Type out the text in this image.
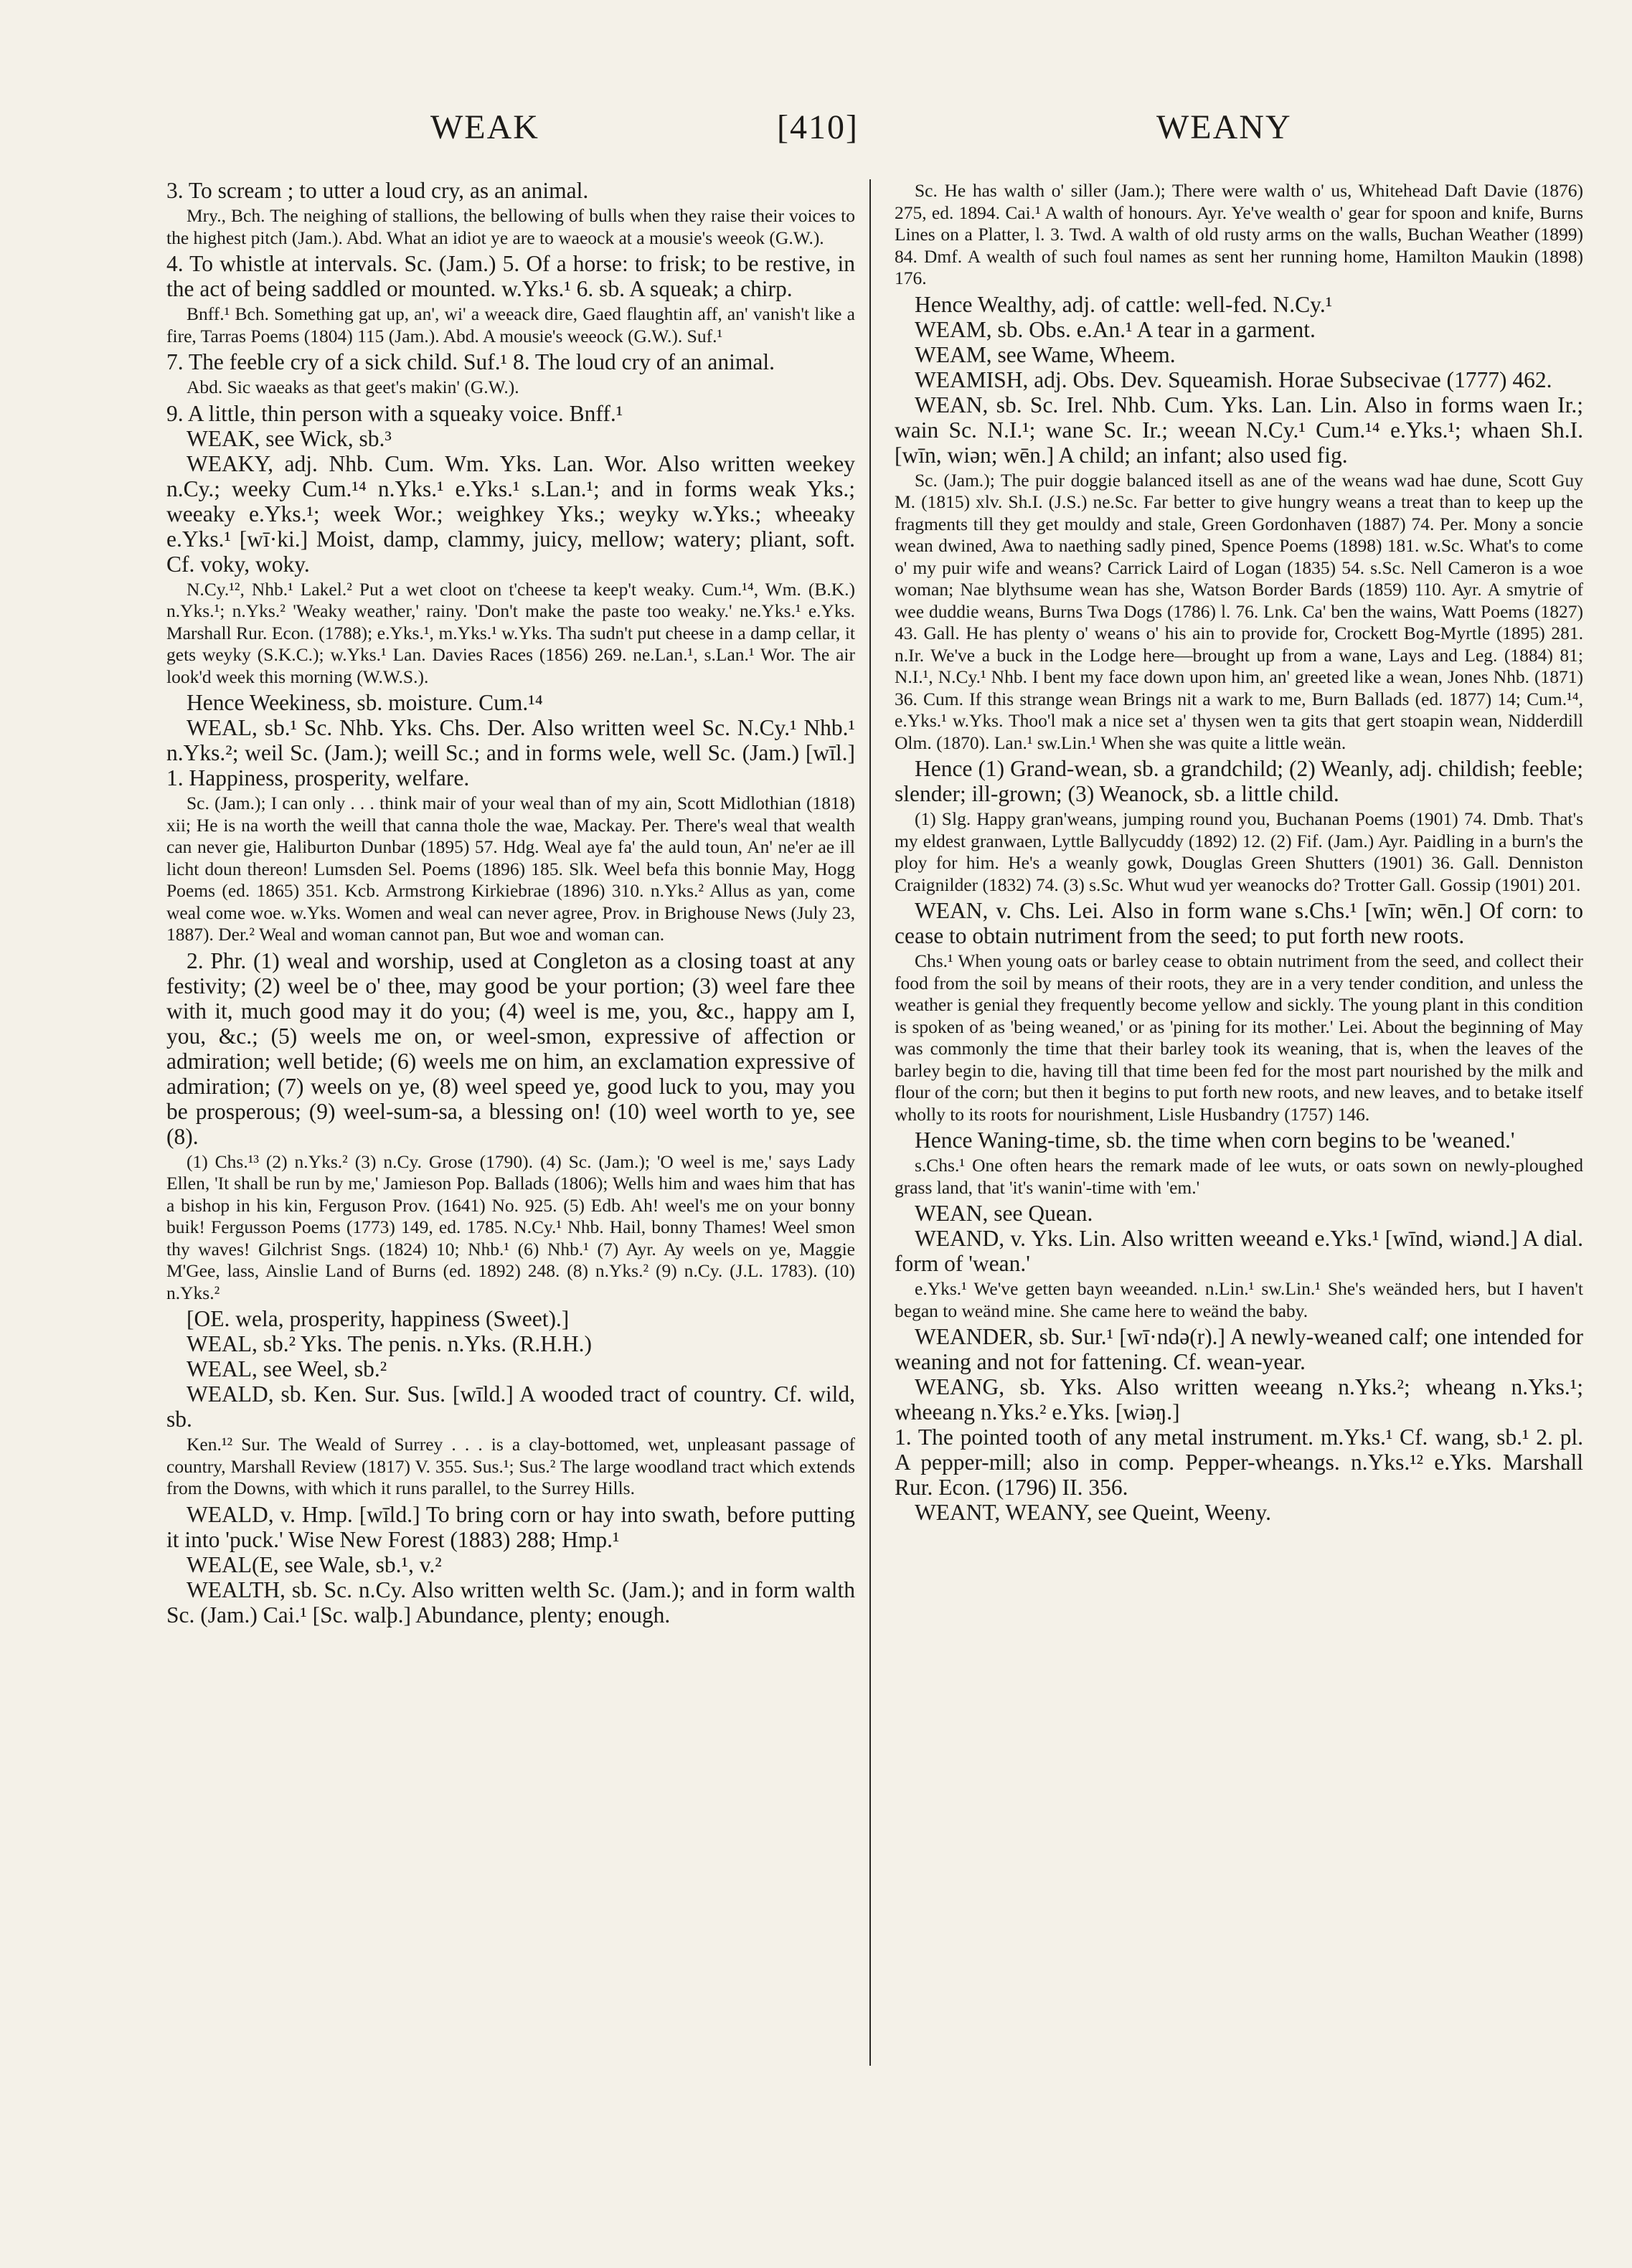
WEAK	[410]	WEANY

3. To scream ; to utter a loud cry, as an animal.

Mry., Bch. The neighing of stallions, the bellowing of bulls when they raise their voices to the highest pitch (Jam.). Abd. What an idiot ye are to waeock at a mousie's weeok (G.W.).

4. To whistle at intervals. Sc. (Jam.) 5. Of a horse: to frisk; to be restive, in the act of being saddled or mounted. w.Yks.¹ 6. sb. A squeak; a chirp.

Bnff.¹ Bch. Something gat up, an', wi' a weeack dire, Gaed flaughtin aff, an' vanish't like a fire, Tarras Poems (1804) 115 (Jam.). Abd. A mousie's weeock (G.W.). Suf.¹

7. The feeble cry of a sick child. Suf.¹ 8. The loud cry of an animal.

Abd. Sic waeaks as that geet's makin' (G.W.).

9. A little, thin person with a squeaky voice. Bnff.¹

WEAK, see Wick, sb.³

WEAKY, adj. Nhb. Cum. Wm. Yks. Lan. Wor. Also written weekey n.Cy.; weeky Cum.¹⁴ n.Yks.¹ e.Yks.¹ s.Lan.¹; and in forms weak Yks.; weeaky e.Yks.¹; week Wor.; weighkey Yks.; weyky w.Yks.; wheeaky e.Yks.¹ [wī·ki.] Moist, damp, clammy, juicy, mellow; watery; pliant, soft. Cf. voky, woky.

N.Cy.¹², Nhb.¹ Lakel.² Put a wet cloot on t'cheese ta keep't weaky. Cum.¹⁴, Wm. (B.K.) n.Yks.¹; n.Yks.² 'Weaky weather,' rainy. 'Don't make the paste too weaky.' ne.Yks.¹ e.Yks. Marshall Rur. Econ. (1788); e.Yks.¹, m.Yks.¹ w.Yks. Tha sudn't put cheese in a damp cellar, it gets weyky (S.K.C.); w.Yks.¹ Lan. Davies Races (1856) 269. ne.Lan.¹, s.Lan.¹ Wor. The air look'd week this morning (W.W.S.).

Hence Weekiness, sb. moisture. Cum.¹⁴

WEAL, sb.¹ Sc. Nhb. Yks. Chs. Der. Also written weel Sc. N.Cy.¹ Nhb.¹ n.Yks.²; weil Sc. (Jam.); weill Sc.; and in forms wele, well Sc. (Jam.) [wīl.] 1. Happiness, prosperity, welfare.

Sc. (Jam.); I can only . . . think mair of your weal than of my ain, Scott Midlothian (1818) xii; He is na worth the weill that canna thole the wae, Mackay. Per. There's weal that wealth can never gie, Haliburton Dunbar (1895) 57. Hdg. Weal aye fa' the auld toun, An' ne'er ae ill licht doun thereon! Lumsden Sel. Poems (1896) 185. Slk. Weel befa this bonnie May, Hogg Poems (ed. 1865) 351. Kcb. Armstrong Kirkiebrae (1896) 310. n.Yks.² Allus as yan, come weal come woe. w.Yks. Women and weal can never agree, Prov. in Brighouse News (July 23, 1887). Der.² Weal and woman cannot pan, But woe and woman can.

2. Phr. (1) weal and worship, used at Congleton as a closing toast at any festivity; (2) weel be o' thee, may good be your portion; (3) weel fare thee with it, much good may it do you; (4) weel is me, you, &c., happy am I, you, &c.; (5) weels me on, or weel-smon, expressive of affection or admiration; well betide; (6) weels me on him, an exclamation expressive of admiration; (7) weels on ye, (8) weel speed ye, good luck to you, may you be prosperous; (9) weel-sum-sa, a blessing on! (10) weel worth to ye, see (8).

(1) Chs.¹³ (2) n.Yks.² (3) n.Cy. Grose (1790). (4) Sc. (Jam.); 'O weel is me,' says Lady Ellen, 'It shall be run by me,' Jamieson Pop. Ballads (1806); Wells him and waes him that has a bishop in his kin, Ferguson Prov. (1641) No. 925. (5) Edb. Ah! weel's me on your bonny buik! Fergusson Poems (1773) 149, ed. 1785. N.Cy.¹ Nhb. Hail, bonny Thames! Weel smon thy waves! Gilchrist Sngs. (1824) 10; Nhb.¹ (6) Nhb.¹ (7) Ayr. Ay weels on ye, Maggie M'Gee, lass, Ainslie Land of Burns (ed. 1892) 248. (8) n.Yks.² (9) n.Cy. (J.L. 1783). (10) n.Yks.²

[OE. wela, prosperity, happiness (Sweet).]

WEAL, sb.² Yks. The penis. n.Yks. (R.H.H.)

WEAL, see Weel, sb.²

WEALD, sb. Ken. Sur. Sus. [wīld.] A wooded tract of country. Cf. wild, sb.

Ken.¹² Sur. The Weald of Surrey . . . is a clay-bottomed, wet, unpleasant passage of country, Marshall Review (1817) V. 355. Sus.¹; Sus.² The large woodland tract which extends from the Downs, with which it runs parallel, to the Surrey Hills.

WEALD, v. Hmp. [wīld.] To bring corn or hay into swath, before putting it into 'puck.' Wise New Forest (1883) 288; Hmp.¹

WEAL(E, see Wale, sb.¹, v.²

WEALTH, sb. Sc. n.Cy. Also written welth Sc. (Jam.); and in form walth Sc. (Jam.) Cai.¹ [Sc. walþ.] Abundance, plenty; enough.

Sc. He has walth o' siller (Jam.); There were walth o' us, Whitehead Daft Davie (1876) 275, ed. 1894. Cai.¹ A walth of honours. Ayr. Ye've wealth o' gear for spoon and knife, Burns Lines on a Platter, l. 3. Twd. A walth of old rusty arms on the walls, Buchan Weather (1899) 84. Dmf. A wealth of such foul names as sent her running home, Hamilton Maukin (1898) 176.

Hence Wealthy, adj. of cattle: well-fed. N.Cy.¹

WEAM, sb. Obs. e.An.¹ A tear in a garment.

WEAM, see Wame, Wheem.

WEAMISH, adj. Obs. Dev. Squeamish. Horae Subsecivae (1777) 462.

WEAN, sb. Sc. Irel. Nhb. Cum. Yks. Lan. Lin. Also in forms waen Ir.; wain Sc. N.I.¹; wane Sc. Ir.; weean N.Cy.¹ Cum.¹⁴ e.Yks.¹; whaen Sh.I. [wīn, wiən; wēn.] A child; an infant; also used fig.

Sc. (Jam.); The puir doggie balanced itsell as ane of the weans wad hae dune, Scott Guy M. (1815) xlv. Sh.I. (J.S.) ne.Sc. Far better to give hungry weans a treat than to keep up the fragments till they get mouldy and stale, Green Gordonhaven (1887) 74. Per. Mony a soncie wean dwined, Awa to naething sadly pined, Spence Poems (1898) 181. w.Sc. What's to come o' my puir wife and weans? Carrick Laird of Logan (1835) 54. s.Sc. Nell Cameron is a woe woman; Nae blythsume wean has she, Watson Border Bards (1859) 110. Ayr. A smytrie of wee duddie weans, Burns Twa Dogs (1786) l. 76. Lnk. Ca' ben the wains, Watt Poems (1827) 43. Gall. He has plenty o' weans o' his ain to provide for, Crockett Bog-Myrtle (1895) 281. n.Ir. We've a buck in the Lodge here—brought up from a wane, Lays and Leg. (1884) 81; N.I.¹, N.Cy.¹ Nhb. I bent my face down upon him, an' greeted like a wean, Jones Nhb. (1871) 36. Cum. If this strange wean Brings nit a wark to me, Burn Ballads (ed. 1877) 14; Cum.¹⁴, e.Yks.¹ w.Yks. Thoo'l mak a nice set a' thysen wen ta gits that gert stoapin wean, Nidderdill Olm. (1870). Lan.¹ sw.Lin.¹ When she was quite a little weän.

Hence (1) Grand-wean, sb. a grandchild; (2) Weanly, adj. childish; feeble; slender; ill-grown; (3) Weanock, sb. a little child.

(1) Slg. Happy gran'weans, jumping round you, Buchanan Poems (1901) 74. Dmb. That's my eldest granwaen, Lyttle Ballycuddy (1892) 12. (2) Fif. (Jam.) Ayr. Paidling in a burn's the ploy for him. He's a weanly gowk, Douglas Green Shutters (1901) 36. Gall. Denniston Craignilder (1832) 74. (3) s.Sc. Whut wud yer weanocks do? Trotter Gall. Gossip (1901) 201.

WEAN, v. Chs. Lei. Also in form wane s.Chs.¹ [wīn; wēn.] Of corn: to cease to obtain nutriment from the seed; to put forth new roots.

Chs.¹ When young oats or barley cease to obtain nutriment from the seed, and collect their food from the soil by means of their roots, they are in a very tender condition, and unless the weather is genial they frequently become yellow and sickly. The young plant in this condition is spoken of as 'being weaned,' or as 'pining for its mother.' Lei. About the beginning of May was commonly the time that their barley took its weaning, that is, when the leaves of the barley begin to die, having till that time been fed for the most part nourished by the milk and flour of the corn; but then it begins to put forth new roots, and new leaves, and to betake itself wholly to its roots for nourishment, Lisle Husbandry (1757) 146.

Hence Waning-time, sb. the time when corn begins to be 'weaned.'

s.Chs.¹ One often hears the remark made of lee wuts, or oats sown on newly-ploughed grass land, that 'it's wanin'-time with 'em.'

WEAN, see Quean.

WEAND, v. Yks. Lin. Also written weeand e.Yks.¹ [wīnd, wiənd.] A dial. form of 'wean.'

e.Yks.¹ We've getten bayn weeanded. n.Lin.¹ sw.Lin.¹ She's weänded hers, but I haven't began to weänd mine. She came here to weänd the baby.

WEANDER, sb. Sur.¹ [wī·ndə(r).] A newly-weaned calf; one intended for weaning and not for fattening. Cf. wean-year.

WEANG, sb. Yks. Also written weeang n.Yks.²; wheang n.Yks.¹; wheeang n.Yks.² e.Yks. [wiəŋ.]

1. The pointed tooth of any metal instrument. m.Yks.¹ Cf. wang, sb.¹ 2. pl. A pepper-mill; also in comp. Pepper-wheangs. n.Yks.¹² e.Yks. Marshall Rur. Econ. (1796) II. 356.

WEANT, WEANY, see Queint, Weeny.
